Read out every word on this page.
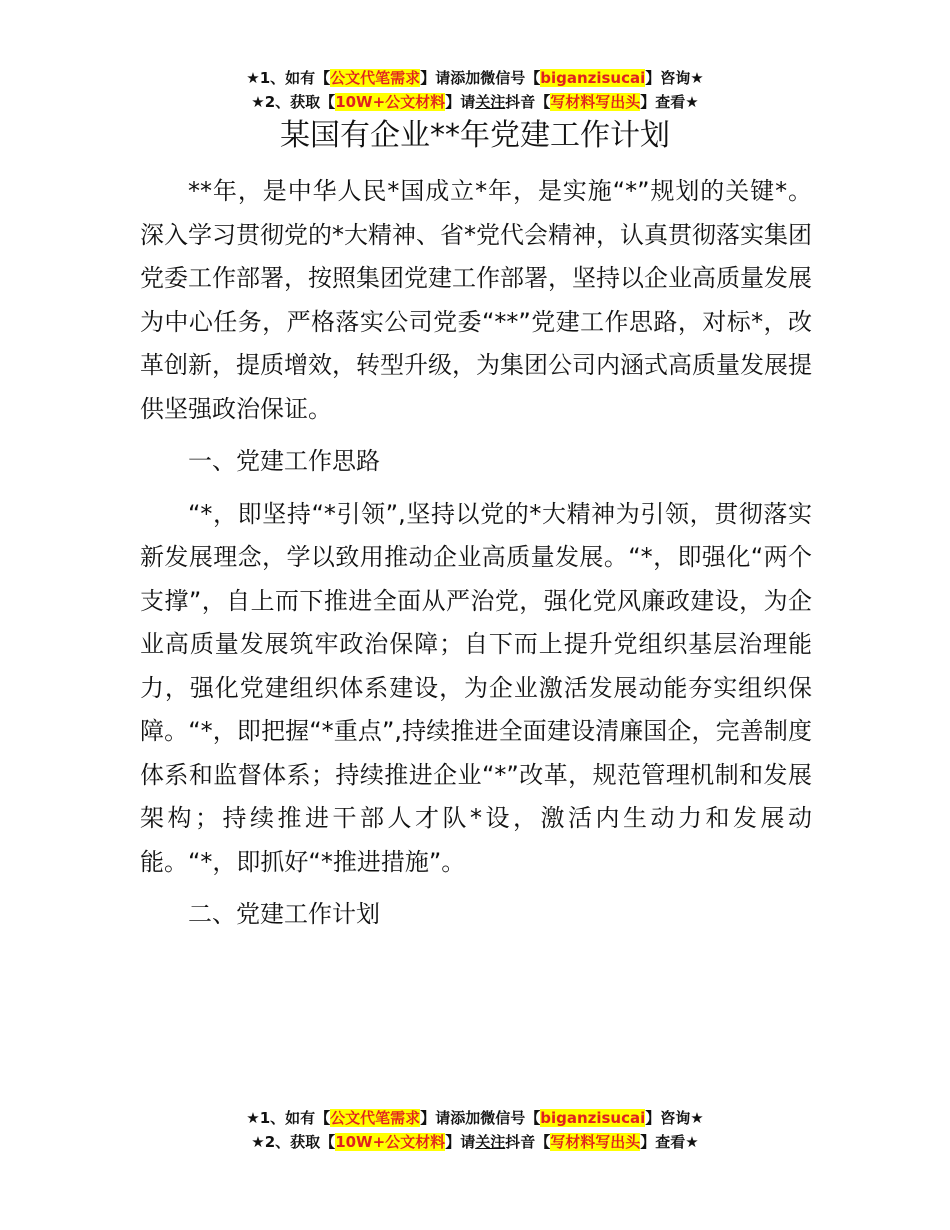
★1、如有【公文代笔需求】请添加微信号【biganzisucai】咨询★
★2、获取【10W+公文材料】请关注抖音【写材料写出头】查看★
某国有企业**年党建工作计划

**年，是中华人民*国成立*年，是实施“*”规划的关键*。深入学习贯彻党的*大精神、省*党代会精神，认真贯彻落实集团党委工作部署，按照集团党建工作部署，坚持以企业高质量发展为中心任务，严格落实公司党委“**”党建工作思路，对标*，改革创新，提质增效，转型升级，为集团公司内涵式高质量发展提供坚强政治保证。

一、党建工作思路

“*，即坚持“*引领”,坚持以党的*大精神为引领，贯彻落实新发展理念，学以致用推动企业高质量发展。“*，即强化“两个支撑”，自上而下推进全面从严治党，强化党风廉政建设，为企业高质量发展筑牢政治保障；自下而上提升党组织基层治理能力，强化党建组织体系建设，为企业激活发展动能夯实组织保障。“*，即把握“*重点”,持续推进全面建设清廉国企，完善制度体系和监督体系；持续推进企业“*”改革，规范管理机制和发展架构；持续推进干部人才队*设，激活内生动力和发展动能。“*，即抓好“*推进措施”。

二、党建工作计划

★1、如有【公文代笔需求】请添加微信号【biganzisucai】咨询★
★2、获取【10W+公文材料】请关注抖音【写材料写出头】查看★
